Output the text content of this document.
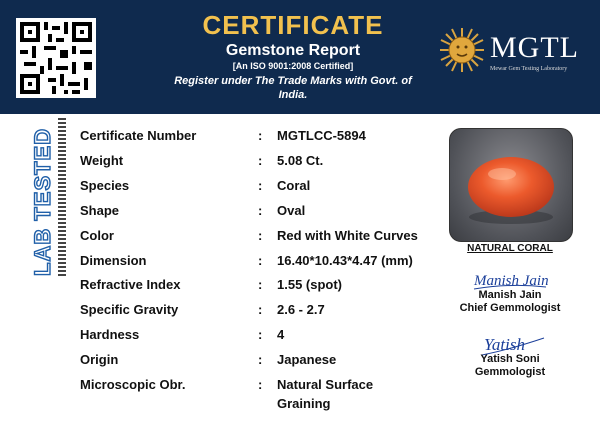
CERTIFICATE
Gemstone Report
[An ISO 9001:2008 Certified]
Register under The Trade Marks with Govt. of
India.
MGTL
Mewar Gem Testing Laboratory
LAB TESTED Certificate Number	: MGTLCC-5894
Weight	: 5.08 Ct.
Species	: Coral
Shape	: Oval
Color	: Red with White Curves
Dimension	: 16.40*10.43*4.47 (mm)
Refractive Index	: 1.55 (spot)
Specific Gravity	: 2.6 - 2.7
Hardness	: 4
Origin	: Japanese
Microscopic Obr.	: Natural Surface
Graining
NATURAL CORAL
Manish Jain
Manish Jain
Chief Gemmologist
Yatish
Yatish Soni
Gemmologist
